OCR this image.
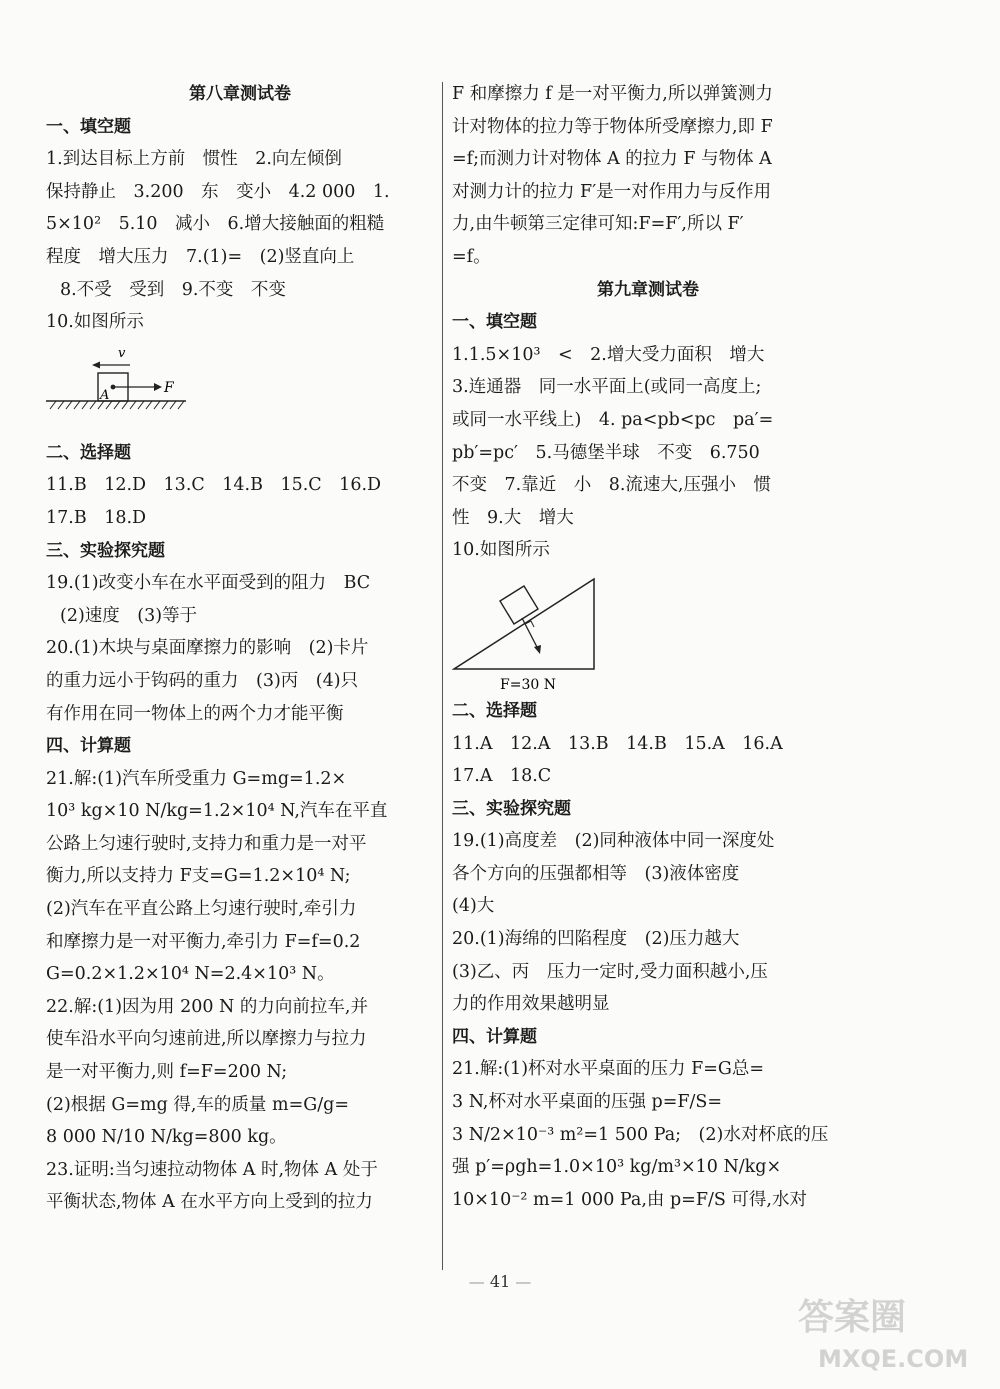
第八章测试卷
一、填空题
1.到达目标上方前　惯性　2.向左倾倒
保持静止　3.200　东　变小　4.2 000　1.
5×10²　5.10　减小　6.增大接触面的粗糙
程度　增大压力　7.(1)=　(2)竖直向上
8.不受　受到　9.不变　不变
10.如图所示
v
A	F
二、选择题
11.B　12.D　13.C　14.B　15.C　16.D
17.B　18.D
三、实验探究题
19.(1)改变小车在水平面受到的阻力　BC
(2)速度　(3)等于
20.(1)木块与桌面摩擦力的影响　(2)卡片
的重力远小于钩码的重力　(3)丙　(4)只
有作用在同一物体上的两个力才能平衡
四、计算题
21.解:(1)汽车所受重力 G=mg=1.2×
10³ kg×10 N/kg=1.2×10⁴ N,汽车在平直
公路上匀速行驶时,支持力和重力是一对平
衡力,所以支持力 F支=G=1.2×10⁴ N;
(2)汽车在平直公路上匀速行驶时,牵引力
和摩擦力是一对平衡力,牵引力 F=f=0.2
G=0.2×1.2×10⁴ N=2.4×10³ N。
22.解:(1)因为用 200 N 的力向前拉车,并
使车沿水平向匀速前进,所以摩擦力与拉力
是一对平衡力,则 f=F=200 N;
(2)根据 G=mg 得,车的质量 m=G/g=
8 000 N/10 N/kg=800 kg。
23.证明:当匀速拉动物体 A 时,物体 A 处于
平衡状态,物体 A 在水平方向上受到的拉力
F 和摩擦力 f 是一对平衡力,所以弹簧测力
计对物体的拉力等于物体所受摩擦力,即 F
=f;而测力计对物体 A 的拉力 F 与物体 A
对测力计的拉力 F′是一对作用力与反作用
力,由牛顿第三定律可知:F=F′,所以 F′
=f。
第九章测试卷
一、填空题
1.1.5×10³　<　2.增大受力面积　增大
3.连通器　同一水平面上(或同一高度上;
或同一水平线上)　4. pa<pb<pc　pa′=
pb′=pc′　5.马德堡半球　不变　6.750
不变　7.靠近　小　8.流速大,压强小　惯
性　9.大　增大
10.如图所示
F=30 N
二、选择题
11.A　12.A　13.B　14.B　15.A　16.A
17.A　18.C
三、实验探究题
19.(1)高度差　(2)同种液体中同一深度处
各个方向的压强都相等　(3)液体密度
(4)大
20.(1)海绵的凹陷程度　(2)压力越大
(3)乙、丙　压力一定时,受力面积越小,压
力的作用效果越明显
四、计算题
21.解:(1)杯对水平桌面的压力 F=G总=
3 N,杯对水平桌面的压强 p=F/S=
3 N/2×10⁻³ m²=1 500 Pa;　(2)水对杯底的压
强 p′=ρgh=1.0×10³ kg/m³×10 N/kg×
10×10⁻² m=1 000 Pa,由 p=F/S 可得,水对
— 41 —
答案圈
MXQE.COM
